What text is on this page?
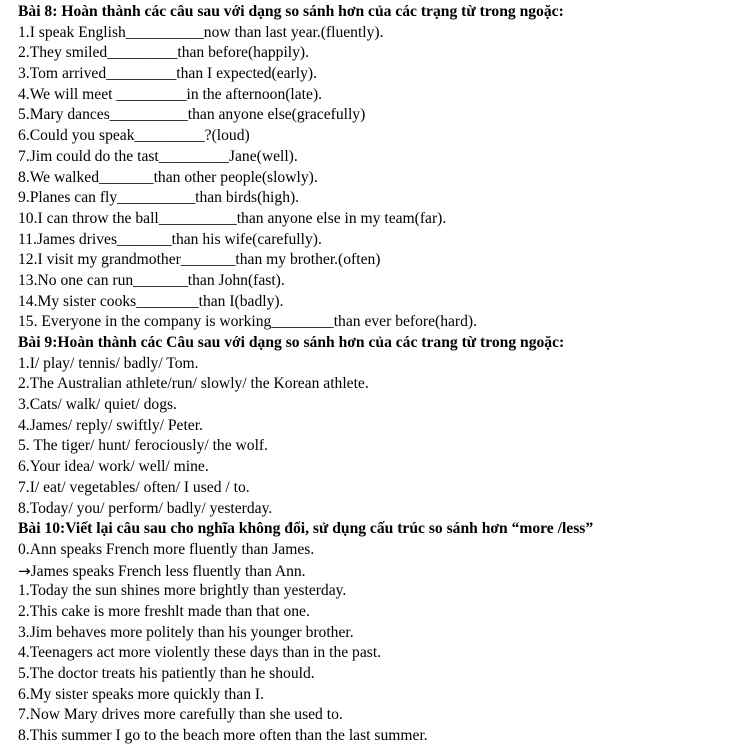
Bài 8: Hoàn thành các câu sau với dạng so sánh hơn của các trạng từ trong ngoặc:
1.I speak English__________now than last year.(fluently).
2.They smiled_________than before(happily).
3.Tom arrived_________than I expected(early).
4.We will meet _________in the afternoon(late).
5.Mary dances__________than anyone else(gracefully)
6.Could you speak_________?(loud)
7.Jim could do the tast_________Jane(well).
8.We walked_______than other people(slowly).
9.Planes can fly__________than birds(high).
10.I can throw the ball__________than anyone else in my team(far).
11.James drives_______than his wife(carefully).
12.I visit my grandmother_______than my brother.(often)
13.No one can run_______than John(fast).
14.My sister cooks________than I(badly).
15. Everyone in the company is working________than ever before(hard).
Bài 9:Hoàn thành các Câu sau với dạng so sánh hơn của các trang từ trong ngoặc:
1.I/ play/ tennis/ badly/ Tom.
2.The Australian athlete/run/ slowly/ the Korean athlete.
3.Cats/ walk/ quiet/ dogs.
4.James/ reply/ swiftly/ Peter.
5. The tiger/ hunt/ ferociously/ the wolf.
6.Your idea/ work/ well/ mine.
7.I/ eat/ vegetables/ often/ I used / to.
8.Today/ you/ perform/ badly/ yesterday.
Bài 10:Viết lại câu sau cho nghĩa không đổi, sử dụng cấu trúc so sánh hơn “more /less”
0.Ann speaks French more fluently than James.
→James speaks French less fluently than Ann.
1.Today the sun shines more brightly than yesterday.
2.This cake is more freshlt made than that one.
3.Jim behaves more politely than his younger brother.
4.Teenagers act more violently these days than in the past.
5.The doctor treats his patiently than he should.
6.My sister speaks more quickly than I.
7.Now Mary drives more carefully than she used to.
8.This summer I go to the beach more often than the last summer.
